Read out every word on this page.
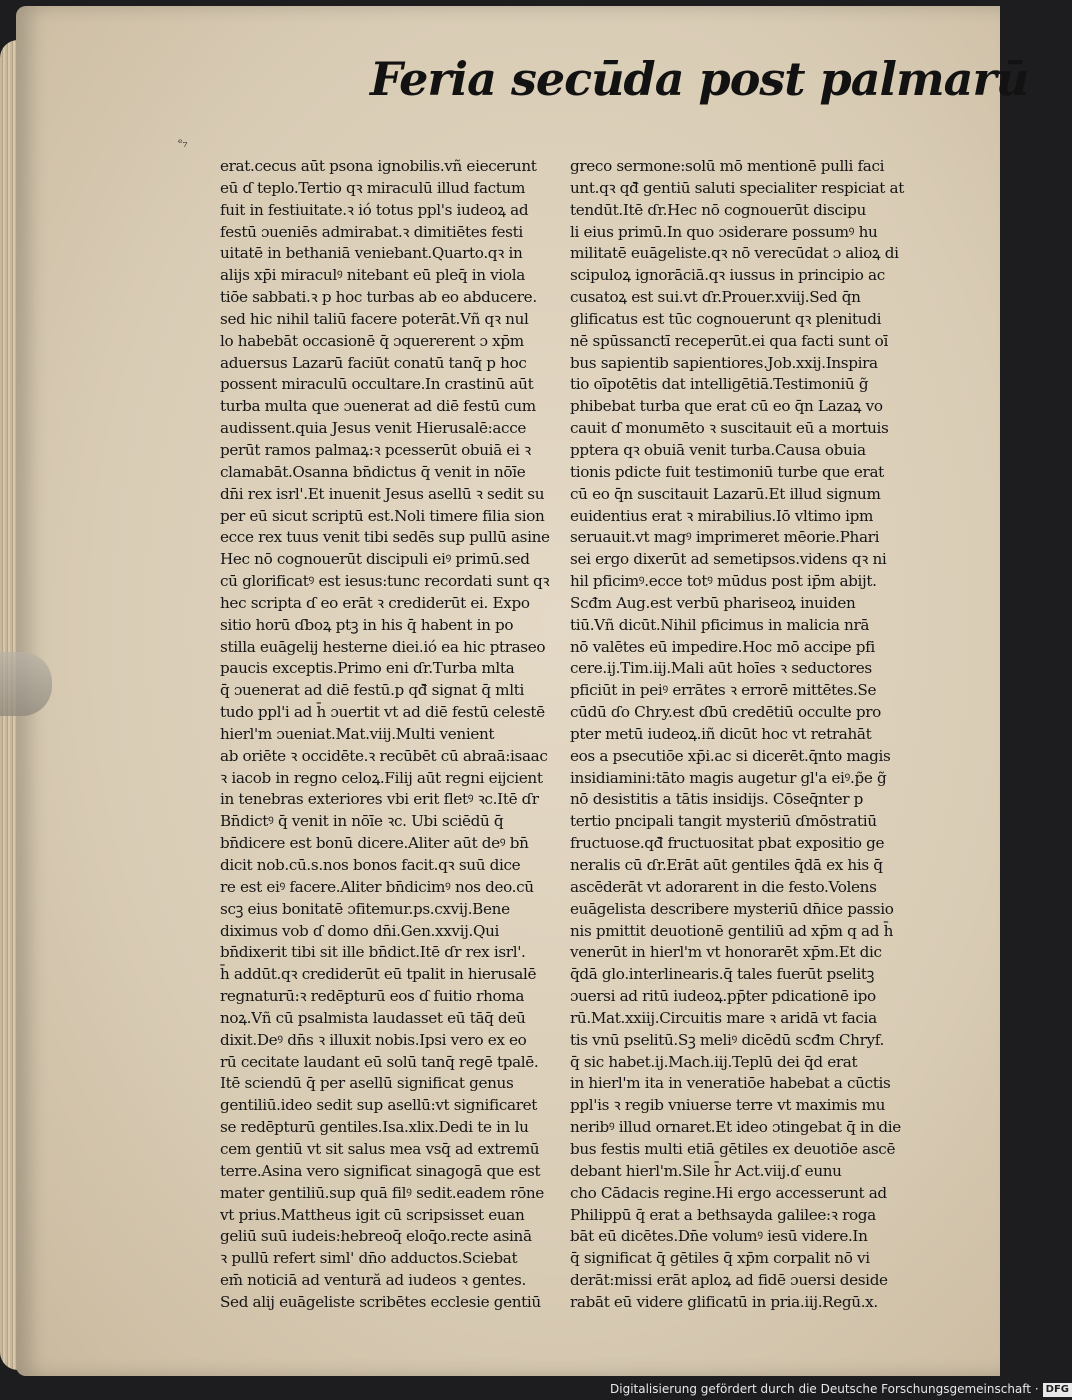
Feria secūda post palmarū
ᵉ₇
erat.cecus aūt psona ignobilis.vñ eiecerunt
eū ɗ teplo.Tertio qꝛ miraculū illud factum
fuit in festiuitate.ꝛ ió totus ppl's iudeoꝝ ad
festū ɔueniēs admirabat.ꝛ dimitiētes festi
uitatē in bethaniā veniebant.Quarto.qꝛ in
alijs xp̄i miraculꝰ nitebant eū pleq̄ in viola
tiōe sabbati.ꝛ p hoc turbas ab eo abducere.
sed hic nihil taliū facere poterāt.Vñ qꝛ nul
lo habebāt occasionē q̄ ɔquererent ɔ xp̄m
aduersus Lazarū faciūt conatū tanq̄ p hoc
possent miraculū occultare.In crastinū aūt
turba multa que ɔuenerat ad diē festū cum
audissent.quia Jesus venit Hierusalē:acce
perūt ramos palmaꝝ:ꝛ pcesserūt obuiā ei ꝛ
clamabāt.Osanna bn̄dictus q̄ venit in nōīe
dn̄i rex isrl'.Et inuenit Jesus asellū ꝛ sedit su
per eū sicut scriptū est.Noli timere filia sion
ecce rex tuus venit tibi sedēs sup pullū asine
Hec nō cognouerūt discipuli eiꝰ primū.sed
cū glorificatꝰ est iesus:tunc recordati sunt qꝛ
hec scripta ɗ eo erāt ꝛ crediderūt ei. Expo
sitio horū ɗboꝝ ptꝫ in his q̄ habent in po
stilla euāgelij hesterne diei.ió ea hic ptraseo
paucis exceptis.Primo eni ɗr.Turba mlta
q̄ ɔuenerat ad diē festū.p qđ̄ signat q̄ mlti
tudo ppl'i ad h̄ ɔuertit vt ad diē festū celestē
hierl'm ɔueniat.Mat.viij.Multi venient
ab oriēte ꝛ occidēte.ꝛ recūbēt cū abraā:isaac
ꝛ iacob in regno celoꝝ.Filij aūt regni eijcient
in tenebras exteriores vbi erit fletꝰ ꝛc.Itē ɗr
Bn̄dictꝰ q̄ venit in nōīe ꝛc. Ubi sciēdū q̄
bn̄dicere est bonū dicere.Aliter aūt deꝰ bn̄
dicit nob.cū.s.nos bonos facit.qꝛ suū dice
re est eiꝰ facere.Aliter bn̄dicimꝰ nos deo.cū
scꝫ eius bonitatē ɔfitemur.ps.cxvij.Bene
diximus vob ɗ domo dn̄i.Gen.xxvij.Qui
bn̄dixerit tibi sit ille bn̄dict.Itē ɗr rex isrl'.
h̄ addūt.qꝛ crediderūt eū tpalit in hierusalē
regnaturū:ꝛ redēpturū eos ɗ fuitio rhoma
noꝝ.Vñ cū psalmista laudasset eū tāq̄ deū
dixit.Deꝰ dn̄s ꝛ illuxit nobis.Ipsi vero ex eo
rū cecitate laudant eū solū tanq̄ regē tpalē.
Itē sciendū q̄ per asellū significat genus
gentiliū.ideo sedit sup asellū:vt significaret
se redēpturū gentiles.Isa.xlix.Dedi te in lu
cem gentiū vt sit salus mea vsq̄ ad extremū
terre.Asina vero significat sinagogā que est
mater gentiliū.sup quā filꝰ sedit.eadem rōne
vt prius.Mattheus igit cū scripsisset euan
geliū suū iudeis:hebreoq̄ eloq̄o.recte asinā
ꝛ pullū refert siml' dn̄o adductos.Sciebat
em̄ noticiā ad ventură ad iudeos ꝛ gentes.
Sed alij euāgeliste scribētes ecclesie gentiū
greco sermone:solū mō mentionē pulli faci
unt.qꝛ qđ̄ gentiū saluti specialiter respiciat at
tendūt.Itē ɗr.Hec nō cognouerūt discipu
li eius primū.In quo ɔsiderare possumꝰ hu
militatē euāgeliste.qꝛ nō verecūdat ɔ alioꝝ di
scipuloꝝ ignorāciā.qꝛ iussus in principio ac
cusatoꝝ est sui.vt ɗr.Prouer.xviij.Sed q̄n
glificatus est tūc cognouerunt qꝛ plenitudi
nē spūssanctī receperūt.ei qua facti sunt oī
bus sapientib sapientiores.Job.xxij.Inspira
tio oīpotētis dat intelligētiā.Testimoniū g̃
phibebat turba que erat cū eo q̄n Lazaꝝ vo
cauit ɗ monumēto ꝛ suscitauit eū a mortuis
pptera qꝛ obuiā venit turba.Causa obuia
tionis pdicte fuit testimoniū turbe que erat
cū eo q̄n suscitauit Lazarū.Et illud signum
euidentius erat ꝛ mirabilius.Iō vltimo ipm
seruauit.vt magꝰ imprimeret mēorie.Phari
sei ergo dixerūt ad semetipsos.videns qꝛ ni
hil pficimꝰ.ecce totꝰ mūdus post ip̄m abijt.
Scđm Aug.est verbū phariseoꝝ inuiden
tiū.Vñ dicūt.Nihil pficimus in malicia nrā
nō valētes eū impedire.Hoc mō accipe pfi
cere.ij.Tim.iij.Mali aūt hoīes ꝛ seductores
pficiūt in peiꝰ errātes ꝛ errorē mittētes.Se
cūdū ɗo Chry.est ɗbū credētiū occulte pro
pter metū iudeoꝝ.iñ dicūt hoc vt retrahāt
eos a psecutiōe xp̄i.ac si dicerēt.q̄nto magis
insidiamini:tāto magis augetur gl'a eiꝰ.p̃e g̃
nō desistitis a tātis insidijs. Cōseq̄nter p
tertio pncipali tangit mysteriū ɗmōstratiū
fructuose.qđ̄ fructuositat pbat expositio ge
neralis cū ɗr.Erāt aūt gentiles q̄dā ex his q̄
ascēderāt vt adorarent in die festo.Volens
euāgelista describere mysteriū dn̄ice passio
nis pmittit deuotionē gentiliū ad xp̄m q ad h̄
venerūt in hierl'm vt honorarēt xp̄m.Et dic
q̄dā glo.interlinearis.q̄ tales fuerūt pselitꝫ
ɔuersi ad ritū iudeoꝝ.pp̄ter pdicationē ipo
rū.Mat.xxiij.Circuitis mare ꝛ aridā vt facia
tis vnū pselitū.Sꝫ meliꝰ dicēdū scđm Chryf.
q̄ sic habet.ij.Mach.iij.Teplū dei q̄d erat
in hierl'm ita in veneratiōe habebat a cūctis
ppl'is ꝛ regib vniuerse terre vt maximis mu
neribꝰ illud ornaret.Et ideo ɔtingebat q̄ in die
bus festis multi etiā gētiles ex deuotiōe ascē
debant hierl'm.Sile h̄r Act.viij.ɗ eunu
cho Cādacis regine.Hi ergo accesserunt ad
Philippū q̄ erat a bethsayda galilee:ꝛ roga
bāt eū dicētes.Dn̄e volumꝰ iesū videre.In
q̄ significat q̄ gētiles q̄ xp̄m corpalit nō vi
derāt:missi erāt aploꝝ ad fidē ɔuersi deside
rabāt eū videre glificatū in pria.iij.Regū.x.
Digitalisierung gefördert durch die Deutsche Forschungsgemeinschaft · DFG
